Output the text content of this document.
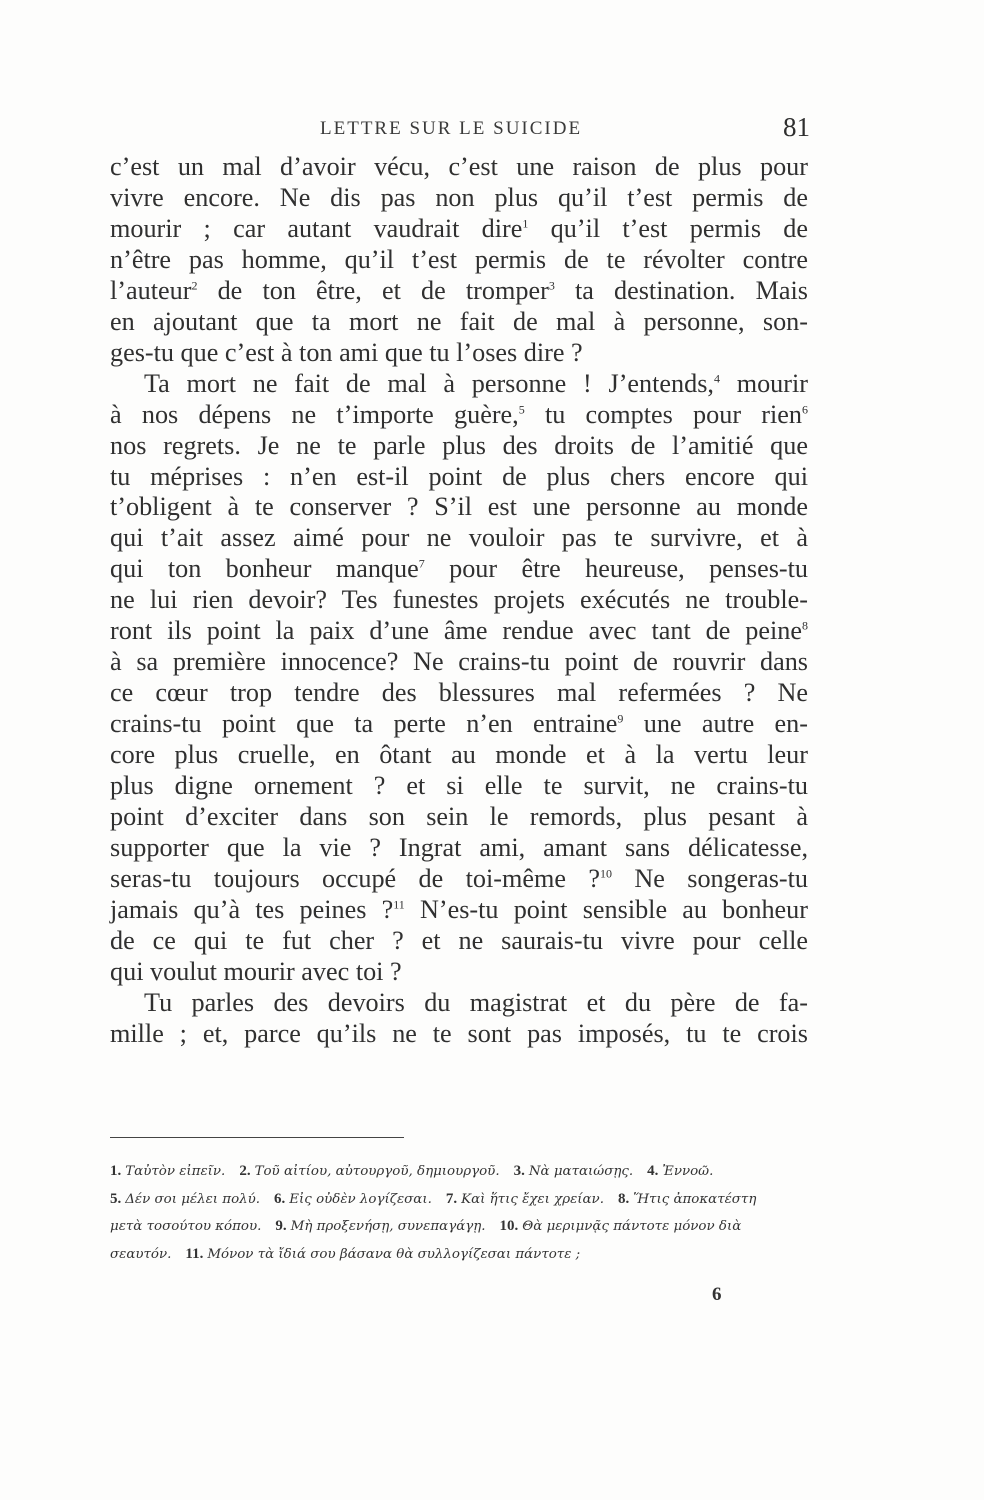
LETTRE SUR LE SUICIDE	81
c’est un mal d’avoir vécu, c’est une raison de plus pour
vivre encore. Ne dis pas non plus qu’il t’est permis de
mourir ; car autant vaudrait dire$^1$ qu’il t’est permis de
n’être pas homme, qu’il t’est permis de te révolter contre
l’auteur$^2$ de ton être, et de tromper$^3$ ta destination. Mais
en ajoutant que ta mort ne fait de mal à personne, son-
ges-tu que c’est à ton ami que tu l’oses dire ?
Ta mort ne fait de mal à personne ! J’entends,$^4$ mourir
à nos dépens ne t’importe guère,$^5$ tu comptes pour rien$^6$
nos regrets. Je ne te parle plus des droits de l’amitié que
tu méprises : n’en est-il point de plus chers encore qui
t’obligent à te conserver ? S’il est une personne au monde
qui t’ait assez aimé pour ne vouloir pas te survivre, et à
qui ton bonheur manque$^7$ pour être heureuse, penses-tu
ne lui rien devoir? Tes funestes projets exécutés ne trouble-
ront ils point la paix d’une âme rendue avec tant de peine$^8$
à sa première innocence? Ne crains-tu point de rouvrir dans
ce cœur trop tendre des blessures mal refermées ? Ne
crains-tu point que ta perte n’en entraine$^9$ une autre en-
core plus cruelle, en ôtant au monde et à la vertu leur
plus digne ornement ? et si elle te survit, ne crains-tu
point d’exciter dans son sein le remords, plus pesant à
supporter que la vie ? Ingrat ami, amant sans délicatesse,
seras-tu toujours occupé de toi-même ?$^{10}$ Ne songeras-tu
jamais qu’à tes peines ?$^{11}$ N’es-tu point sensible au bonheur
de ce qui te fut cher ? et ne saurais-tu vivre pour celle
qui voulut mourir avec toi ?
Tu parles des devoirs du magistrat et du père de fa-
mille ; et, parce qu’ils ne te sont pas imposés, tu te crois
1. Ταὐτὸν εἰπεῖν. 2. Τοῦ αἰτίου, αὐτουργοῦ, δημιουργοῦ. 3. Νὰ ματαιώσῃς. 4. Ἐννοῶ.
5. Δέν σοι μέλει πολύ. 6. Εἰς οὐδὲν λογίζεσαι. 7. Καὶ ἥτις ἔχει χρείαν. 8. Ἥτις ἀποκατέστη
μετὰ τοσούτου κόπου. 9. Μὴ προξενήσῃ, συνεπαγάγῃ. 10. Θὰ μεριμνᾷς πάντοτε μόνον διὰ
σεαυτόν. 11. Μόνον τὰ ἴδιά σου βάσανα θὰ συλλογίζεσαι πάντοτε ;
6
